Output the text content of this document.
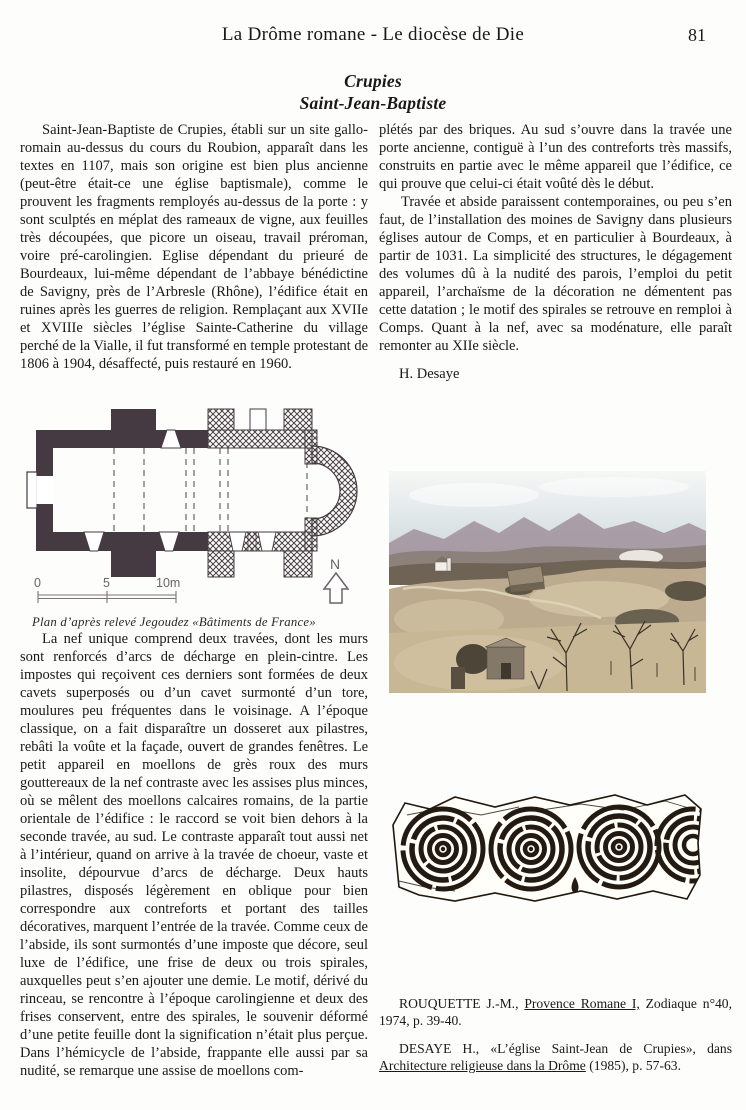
La Drôme romane - Le diocèse de Die	81
Crupies
Saint-Jean-Baptiste

Saint-Jean-Baptiste de Crupies, établi sur un site gallo-romain au-dessus du cours du Roubion, apparaît dans les textes en 1107, mais son origine est bien plus ancienne (peut-être était-ce une église baptismale), comme le prouvent les fragments remployés au-dessus de la porte : y sont sculptés en méplat des rameaux de vigne, aux feuilles très découpées, que picore un oiseau, travail préroman, voire pré-carolingien. Eglise dépendant du prieuré de Bourdeaux, lui-même dépendant de l’abbaye bénédictine de Savigny, près de l’Arbresle (Rhône), l’édifice était en ruines après les guerres de religion. Remplaçant aux XVIIe et XVIIIe siècles l’église Sainte-Catherine du village perché de la Vialle, il fut transformé en temple protestant de 1806 à 1904, désaffecté, puis restauré en 1960.

0	5	10m
N
Plan d’après relevé Jegoudez «Bâtiments de France»

La nef unique comprend deux travées, dont les murs sont renforcés d’arcs de décharge en plein-cintre. Les impostes qui reçoivent ces derniers sont formées de deux cavets superposés ou d’un cavet surmonté d’un tore, moulures peu fréquentes dans le voisinage. A l’époque classique, on a fait disparaître un dosseret aux pilastres, rebâti la voûte et la façade, ouvert de grandes fenêtres. Le petit appareil en moellons de grès roux des murs gouttereaux de la nef contraste avec les assises plus minces, où se mêlent des moellons calcaires romains, de la partie orientale de l’édifice : le raccord se voit bien dehors à la seconde travée, au sud. Le contraste apparaît tout aussi net à l’intérieur, quand on arrive à la travée de choeur, vaste et insolite, dépourvue d’arcs de décharge. Deux hauts pilastres, disposés légèrement en oblique pour bien correspondre aux contreforts et portant des tailles décoratives, marquent l’entrée de la travée. Comme ceux de l’abside, ils sont surmontés d’une imposte que décore, seul luxe de l’édifice, une frise de deux ou trois spirales, auxquelles peut s’en ajouter une demie. Le motif, dérivé du rinceau, se rencontre à l’époque carolingienne et deux des frises conservent, entre des spirales, le souvenir déformé d’une petite feuille dont la signification n’était plus perçue. Dans l’hémicycle de l’abside, frappante elle aussi par sa nudité, se remarque une assise de moellons com-

plétés par des briques. Au sud s’ouvre dans la travée une porte ancienne, contiguë à l’un des contreforts très massifs, construits en partie avec le même appareil que l’édifice, ce qui prouve que celui-ci était voûté dès le début.

Travée et abside paraissent contemporaines, ou peu s’en faut, de l’installation des moines de Savigny dans plusieurs églises autour de Comps, et en particulier à Bourdeaux, à partir de 1031. La simplicité des structures, le dégagement des volumes dû à la nudité des parois, l’emploi du petit appareil, l’archaïsme de la décoration ne démentent pas cette datation ; le motif des spirales se retrouve en remploi à Comps. Quant à la nef, avec sa modénature, elle paraît remonter au XIIe siècle.

H. Desaye

ROUQUETTE J.-M., Provence Romane I, Zodiaque n°40, 1974, p. 39-40.

DESAYE H., «L’église Saint-Jean de Crupies», dans Architecture religieuse dans la Drôme (1985), p. 57-63.
